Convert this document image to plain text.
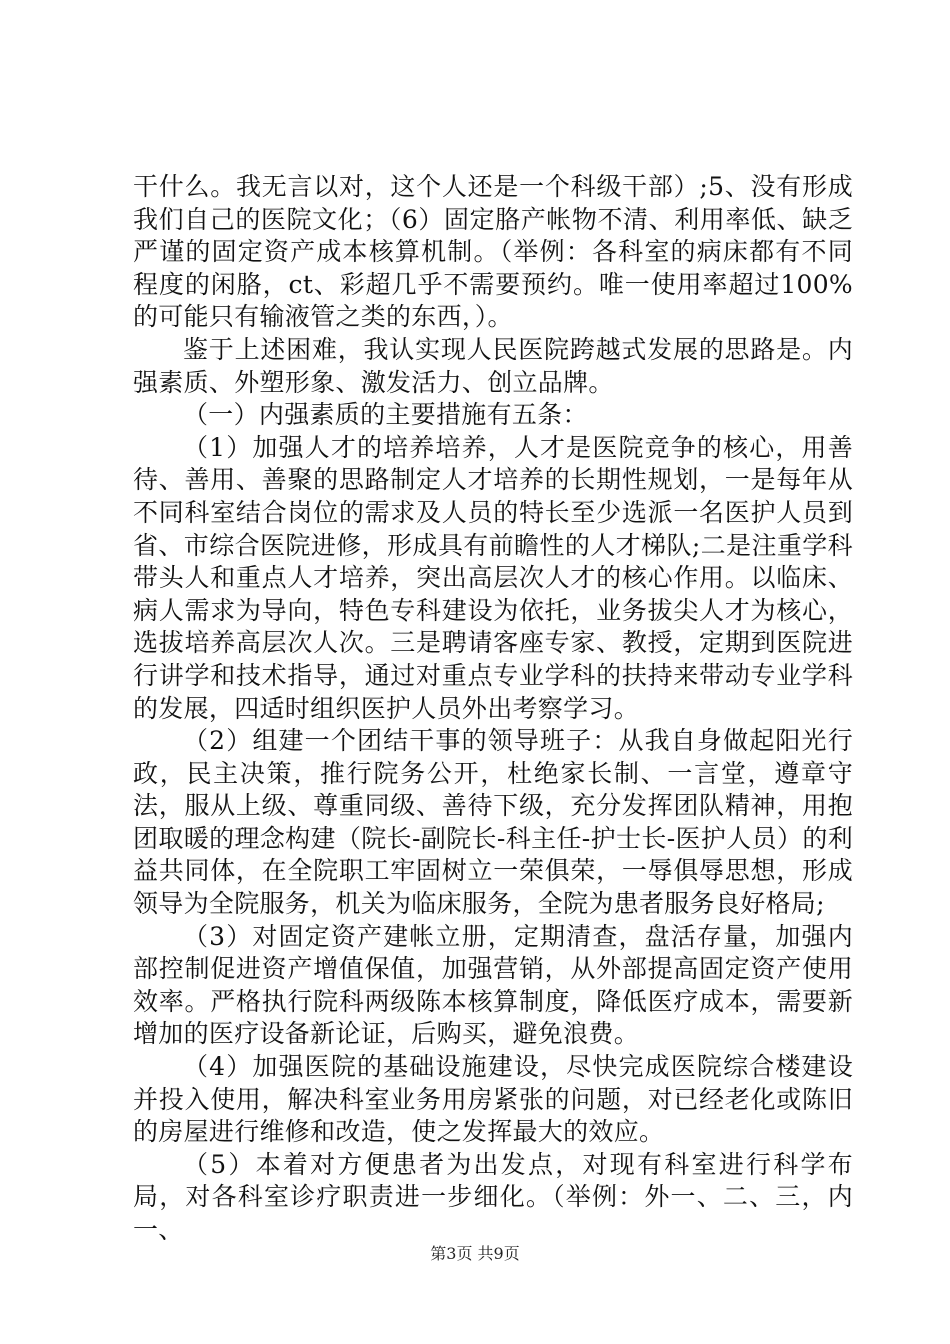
干什么。我无言以对，这个人还是一个科级干部）;5、没有形成我们自己的医院文化；（6）固定胳产帐物不清、利用率低、缺乏严谨的固定资产成本核算机制。（举例：各科室的病床都有不同程度的闲胳，ct、彩超几乎不需要预约。唯一使用率超过100%的可能只有输液管之类的东西，）。

鉴于上述困难，我认实现人民医院跨越式发展的思路是。内强素质、外塑形象、激发活力、创立品牌。

（一）内强素质的主要措施有五条：

（1）加强人才的培养培养，人才是医院竞争的核心，用善待、善用、善聚的思路制定人才培养的长期性规划，一是每年从不同科室结合岗位的需求及人员的特长至少选派一名医护人员到省、市综合医院进修，形成具有前瞻性的人才梯队;二是注重学科带头人和重点人才培养，突出高层次人才的核心作用。以临床、病人需求为导向，特色专科建设为依托，业务拔尖人才为核心，选拔培养高层次人次。三是聘请客座专家、教授，定期到医院进行讲学和技术指导，通过对重点专业学科的扶持来带动专业学科的发展，四适时组织医护人员外出考察学习。

（2）组建一个团结干事的领导班子：从我自身做起阳光行政，民主决策，推行院务公开，杜绝家长制、一言堂，遵章守法，服从上级、尊重同级、善待下级，充分发挥团队精神，用抱团取暖的理念构建（院长-副院长-科主任-护士长-医护人员）的利益共同体，在全院职工牢固树立一荣俱荣，一辱俱辱思想，形成领导为全院服务，机关为临床服务，全院为患者服务良好格局;

（3）对固定资产建帐立册，定期清查，盘活存量，加强内部控制促进资产增值保值，加强营销，从外部提高固定资产使用效率。严格执行院科两级陈本核算制度，降低医疗成本，需要新增加的医疗设备新论证，后购买，避免浪费。

（4）加强医院的基础设施建设，尽快完成医院综合楼建设并投入使用，解决科室业务用房紧张的问题，对已经老化或陈旧的房屋进行维修和改造，使之发挥最大的效应。

（5）本着对方便患者为出发点，对现有科室进行科学布局，对各科室诊疗职责进一步细化。（举例：外一、二、三，内一、

第3页 共9页
